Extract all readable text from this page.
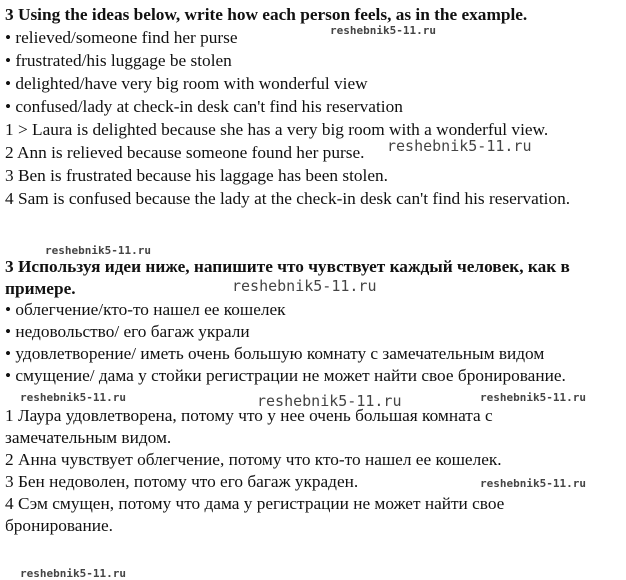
3 Using the ideas below, write how each person feels, as in the example.
• relieved/someone find her purse
• frustrated/his luggage be stolen
• delighted/have very big room with wonderful view
• confused/lady at check-in desk can't find his reservation
1 > Laura is delighted because she has a very big room with a wonderful view.
2 Ann is relieved because someone found her purse.
3 Ben is frustrated because his laggage has been stolen.
4 Sam is confused because the lady at the check-in desk can't find his reservation.
3 Используя идеи ниже, напишите что чувствует каждый человек, как в
примере.
• облегчение/кто-то нашел ее кошелек
• недовольство/ его багаж украли
• удовлетворение/ иметь очень большую комнату с замечательным видом
• смущение/ дама у стойки регистрации не может найти свое бронирование.
1 Лаура удовлетворена, потому что у нее очень большая комната с
замечательным видом.
2 Анна чувствует облегчение, потому что кто-то нашел ее кошелек.
3 Бен недоволен, потому что его багаж украден.
4 Сэм смущен, потому что дама у регистрации не может найти свое
бронирование.
reshebnik5-11.ru
reshebnik5-11.ru
reshebnik5-11.ru
reshebnik5-11.ru
reshebnik5-11.ru	reshebnik5-11.ru	reshebnik5-11.ru
reshebnik5-11.ru
reshebnik5-11.ru
